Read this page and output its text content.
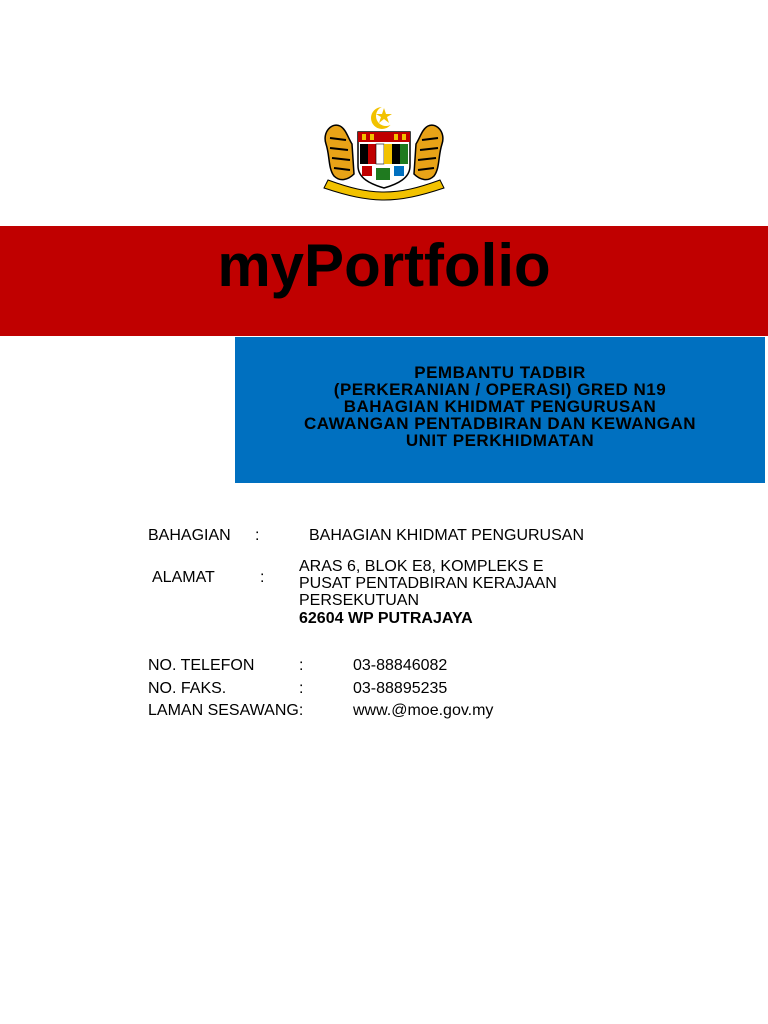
myPortfolio
PEMBANTU TADBIR
(PERKERANIAN / OPERASI) GRED N19
BAHAGIAN KHIDMAT PENGURUSAN
CAWANGAN PENTADBIRAN DAN KEWANGAN
UNIT PERKHIDMATAN
BAHAGIAN :	BAHAGIAN KHIDMAT PENGURUSAN
ALAMAT	:
ARAS 6, BLOK E8, KOMPLEKS E
PUSAT PENTADBIRAN KERAJAAN
PERSEKUTUAN
62604 WP PUTRAJAYA
NO. TELEFON	:	03-88846082
NO. FAKS.	:	03-88895235
LAMAN SESAWANG:	www.@moe.gov.my
